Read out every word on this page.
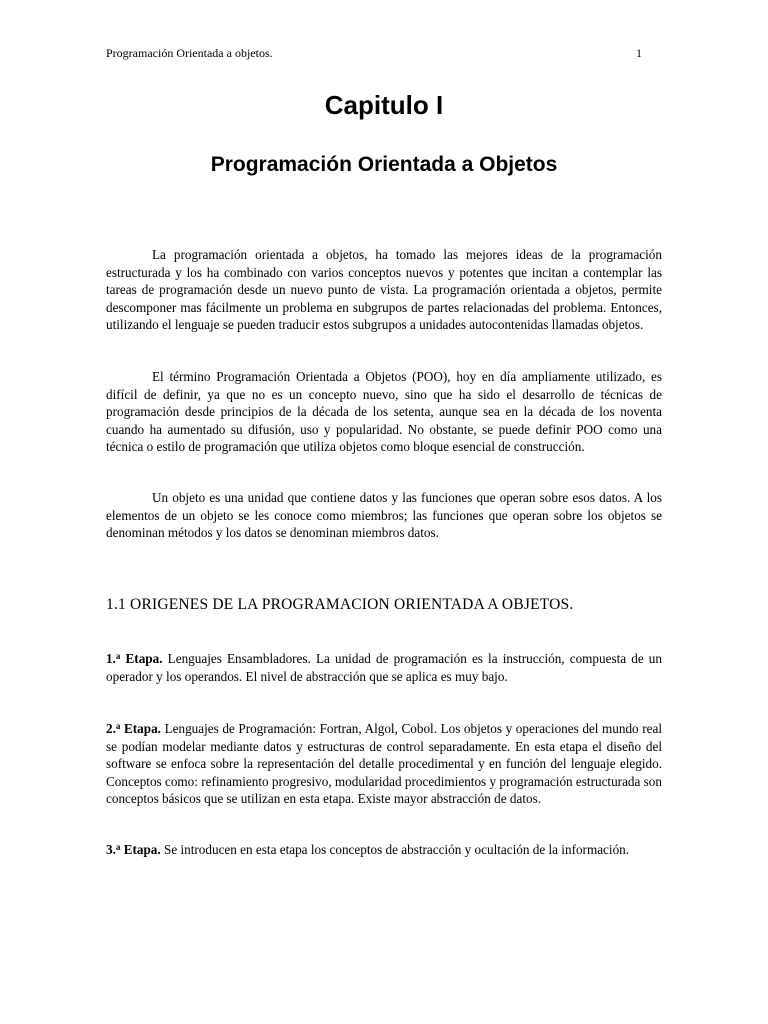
Programación Orientada a objetos.	1
Capitulo I
Programación Orientada a Objetos

La programación orientada a objetos, ha tomado las mejores ideas de la programación estructurada y los ha combinado con varios conceptos nuevos y potentes que incitan a contemplar las tareas de programación desde un nuevo punto de vista. La programación orientada a objetos, permite descomponer mas fácilmente un problema en subgrupos de partes relacionadas del problema. Entonces, utilizando el lenguaje se pueden traducir estos subgrupos a unidades autocontenidas llamadas objetos.

El término Programación Orientada a Objetos (POO), hoy en día ampliamente utilizado, es difícil de definir, ya que no es un concepto nuevo, sino que ha sido el desarrollo de técnicas de programación desde principios de la década de los setenta, aunque sea en la década de los noventa cuando ha aumentado su difusión, uso y popularidad. No obstante, se puede definir POO como una técnica o estilo de programación que utiliza objetos como bloque esencial de construcción.

Un objeto es una unidad que contiene datos y las funciones que operan sobre esos datos. A los elementos de un objeto se les conoce como miembros; las funciones que operan sobre los objetos se denominan métodos y los datos se denominan miembros datos.

1.1 ORIGENES DE LA PROGRAMACION ORIENTADA A OBJETOS.

1.$^a$ Etapa. Lenguajes Ensambladores. La unidad de programación es la instrucción, compuesta de un operador y los operandos. El nivel de abstracción que se aplica es muy bajo.

2.$^a$ Etapa. Lenguajes de Programación: Fortran, Algol, Cobol. Los objetos y operaciones del mundo real se podían modelar mediante datos y estructuras de control separadamente. En esta etapa el diseño del software se enfoca sobre la representación del detalle procedimental y en función del lenguaje elegido. Conceptos como: refinamiento progresivo, modularidad procedimientos y programación estructurada son conceptos básicos que se utilizan en esta etapa. Existe mayor abstracción de datos.

3.$^a$ Etapa. Se introducen en esta etapa los conceptos de abstracción y ocultación de la información.
